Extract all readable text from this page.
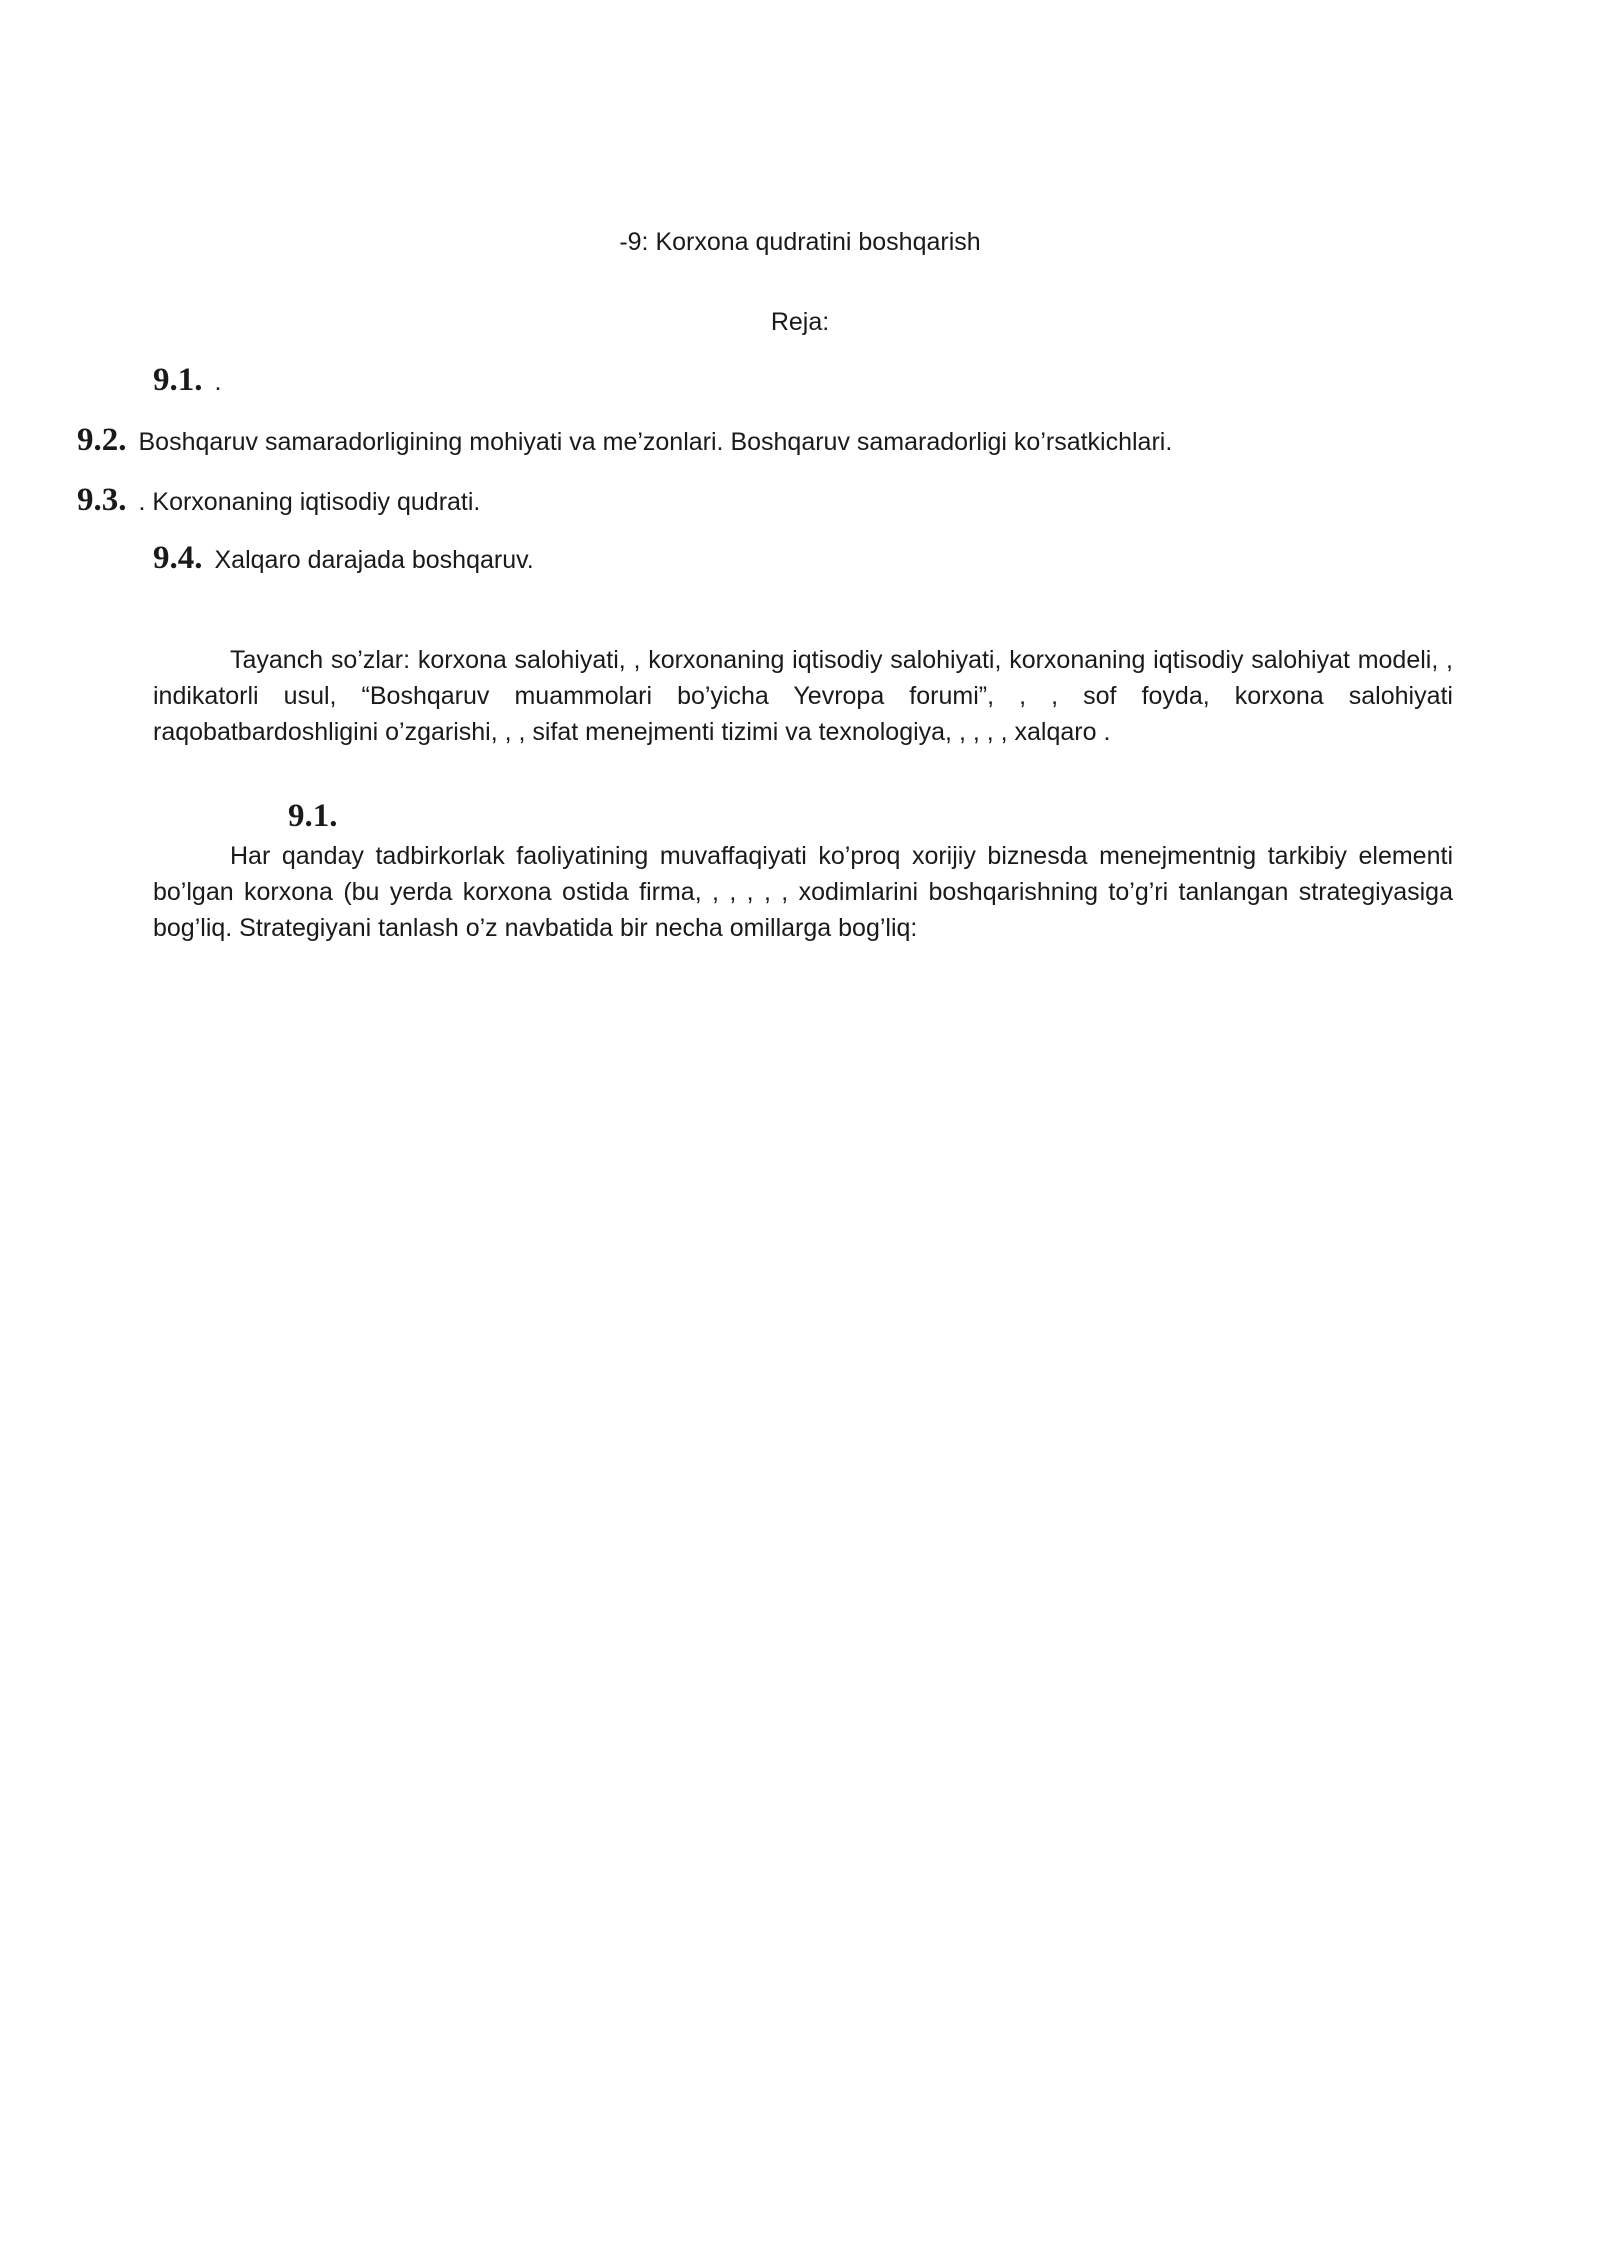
-9: Korxona qudratini boshqarish
Reja:
9.1. .
9.2. Boshqaruv samaradorligining mohiyati va me’zonlari. Boshqaruv samaradorligi ko’rsatkichlari.
9.3. . Korxonaning iqtisodiy qudrati.
9.4. Xalqaro darajada boshqaruv.
Tayanch so’zlar: korxona salohiyati, , korxonaning iqtisodiy salohiyati, korxonaning iqtisodiy salohiyat modeli, , indikatorli usul, “Boshqaruv muammolari bo’yicha Yevropa forumi”, , , sof foyda, korxona salohiyati raqobatbardoshligini o’zgarishi, , , sifat menejmenti tizimi va texnologiya, , , , , xalqaro .
9.1.
Har qanday tadbirkorlak faoliyatining muvaffaqiyati ko’proq xorijiy biznesda menejmentnig tarkibiy elementi bo’lgan korxona (bu yerda korxona ostida firma, , , , , , xodimlarini boshqarishning to’g’ri tanlangan strategiyasiga bog’liq. Strategiyani tanlash o’z navbatida bir necha omillarga bog’liq:
